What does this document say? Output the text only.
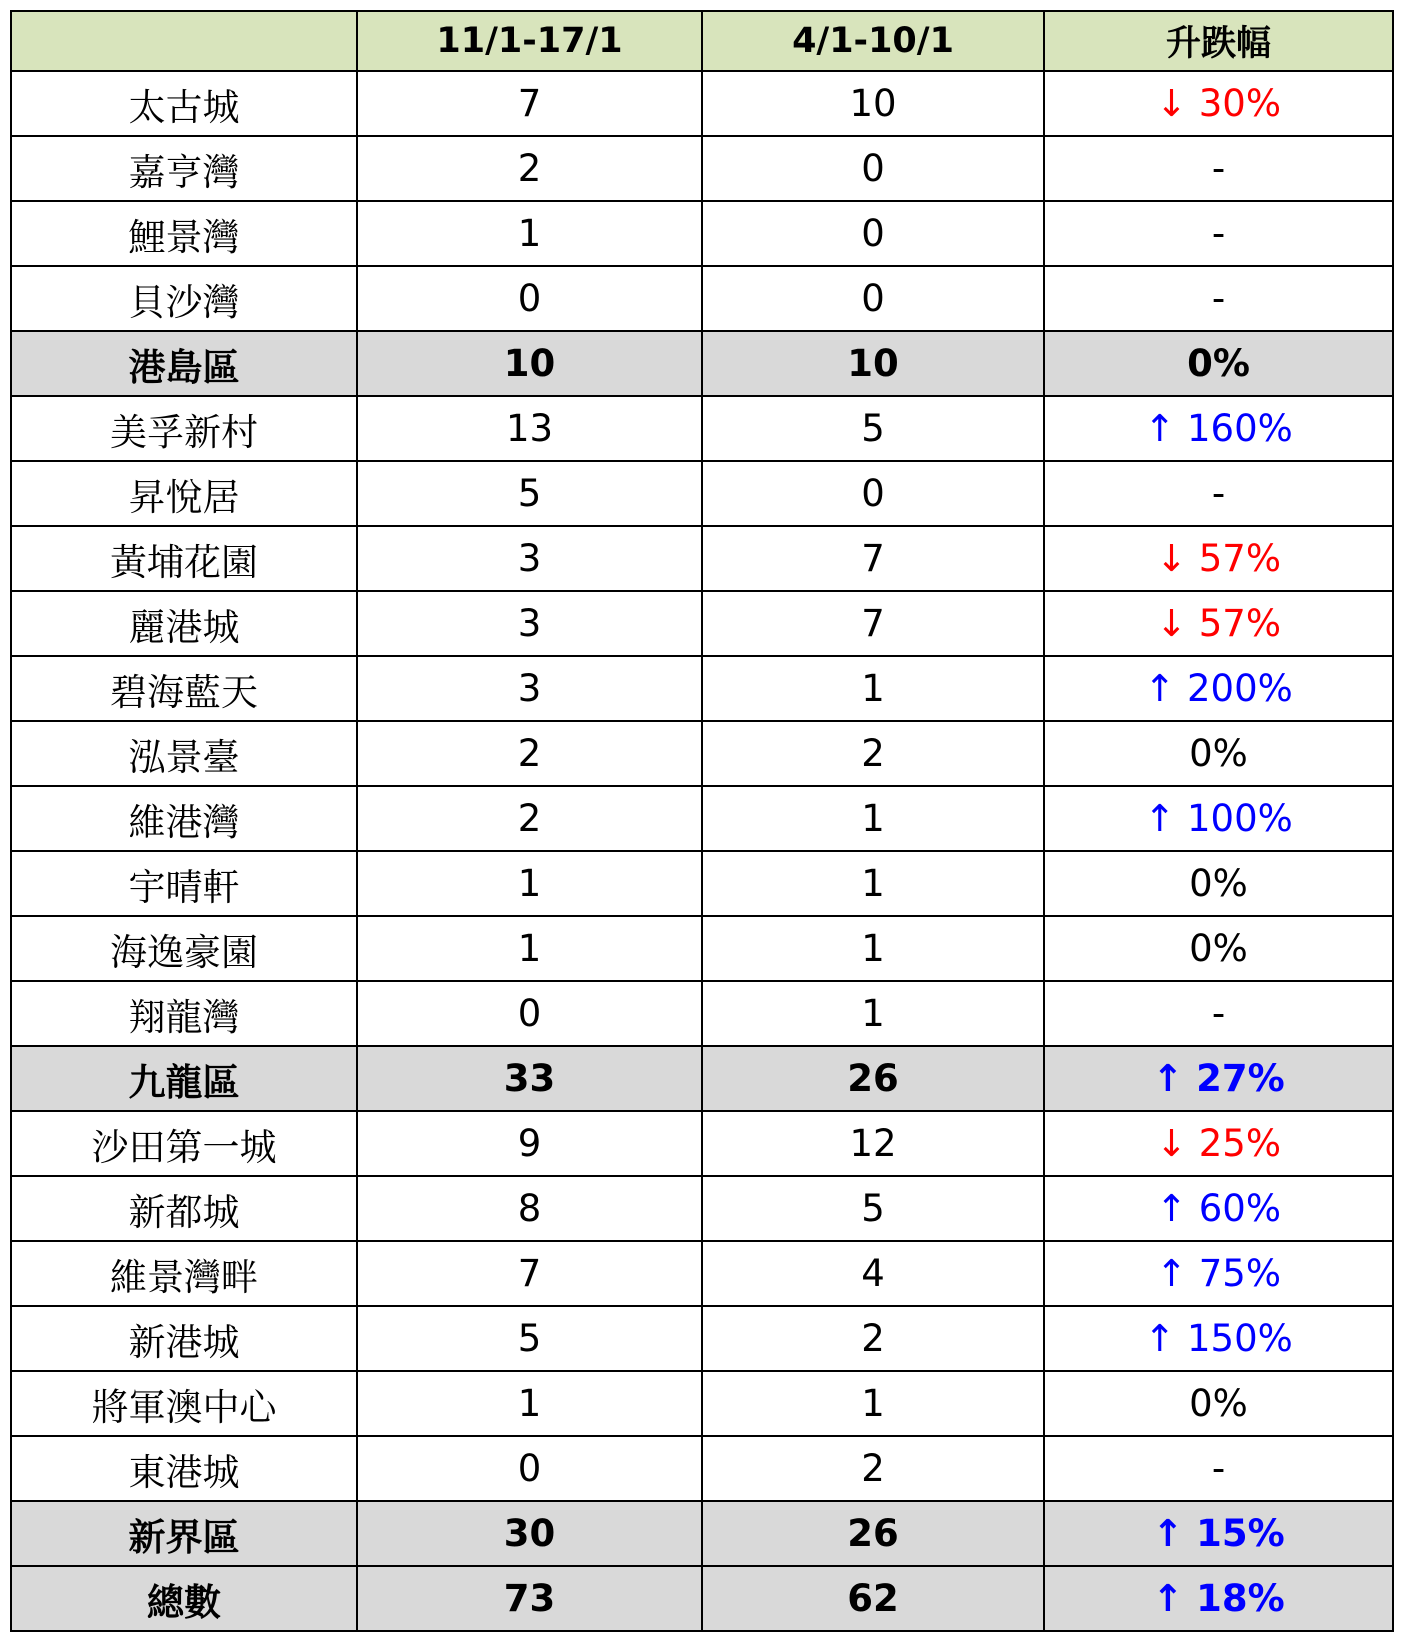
	11/1-17/1	4/1-10/1	升跌幅
太古城	7	10	↓ 30%
嘉亨灣	2	0	-
鯉景灣	1	0	-
貝沙灣	0	0	-
港島區	10	10	0%
美孚新村	13	5	↑ 160%
昇悅居	5	0	-
黃埔花園	3	7	↓ 57%
麗港城	3	7	↓ 57%
碧海藍天	3	1	↑ 200%
泓景臺	2	2	0%
維港灣	2	1	↑ 100%
宇晴軒	1	1	0%
海逸豪園	1	1	0%
翔龍灣	0	1	-
九龍區	33	26	↑ 27%
沙田第一城	9	12	↓ 25%
新都城	8	5	↑ 60%
維景灣畔	7	4	↑ 75%
新港城	5	2	↑ 150%
將軍澳中心	1	1	0%
東港城	0	2	-
新界區	30	26	↑ 15%
總數	73	62	↑ 18%
